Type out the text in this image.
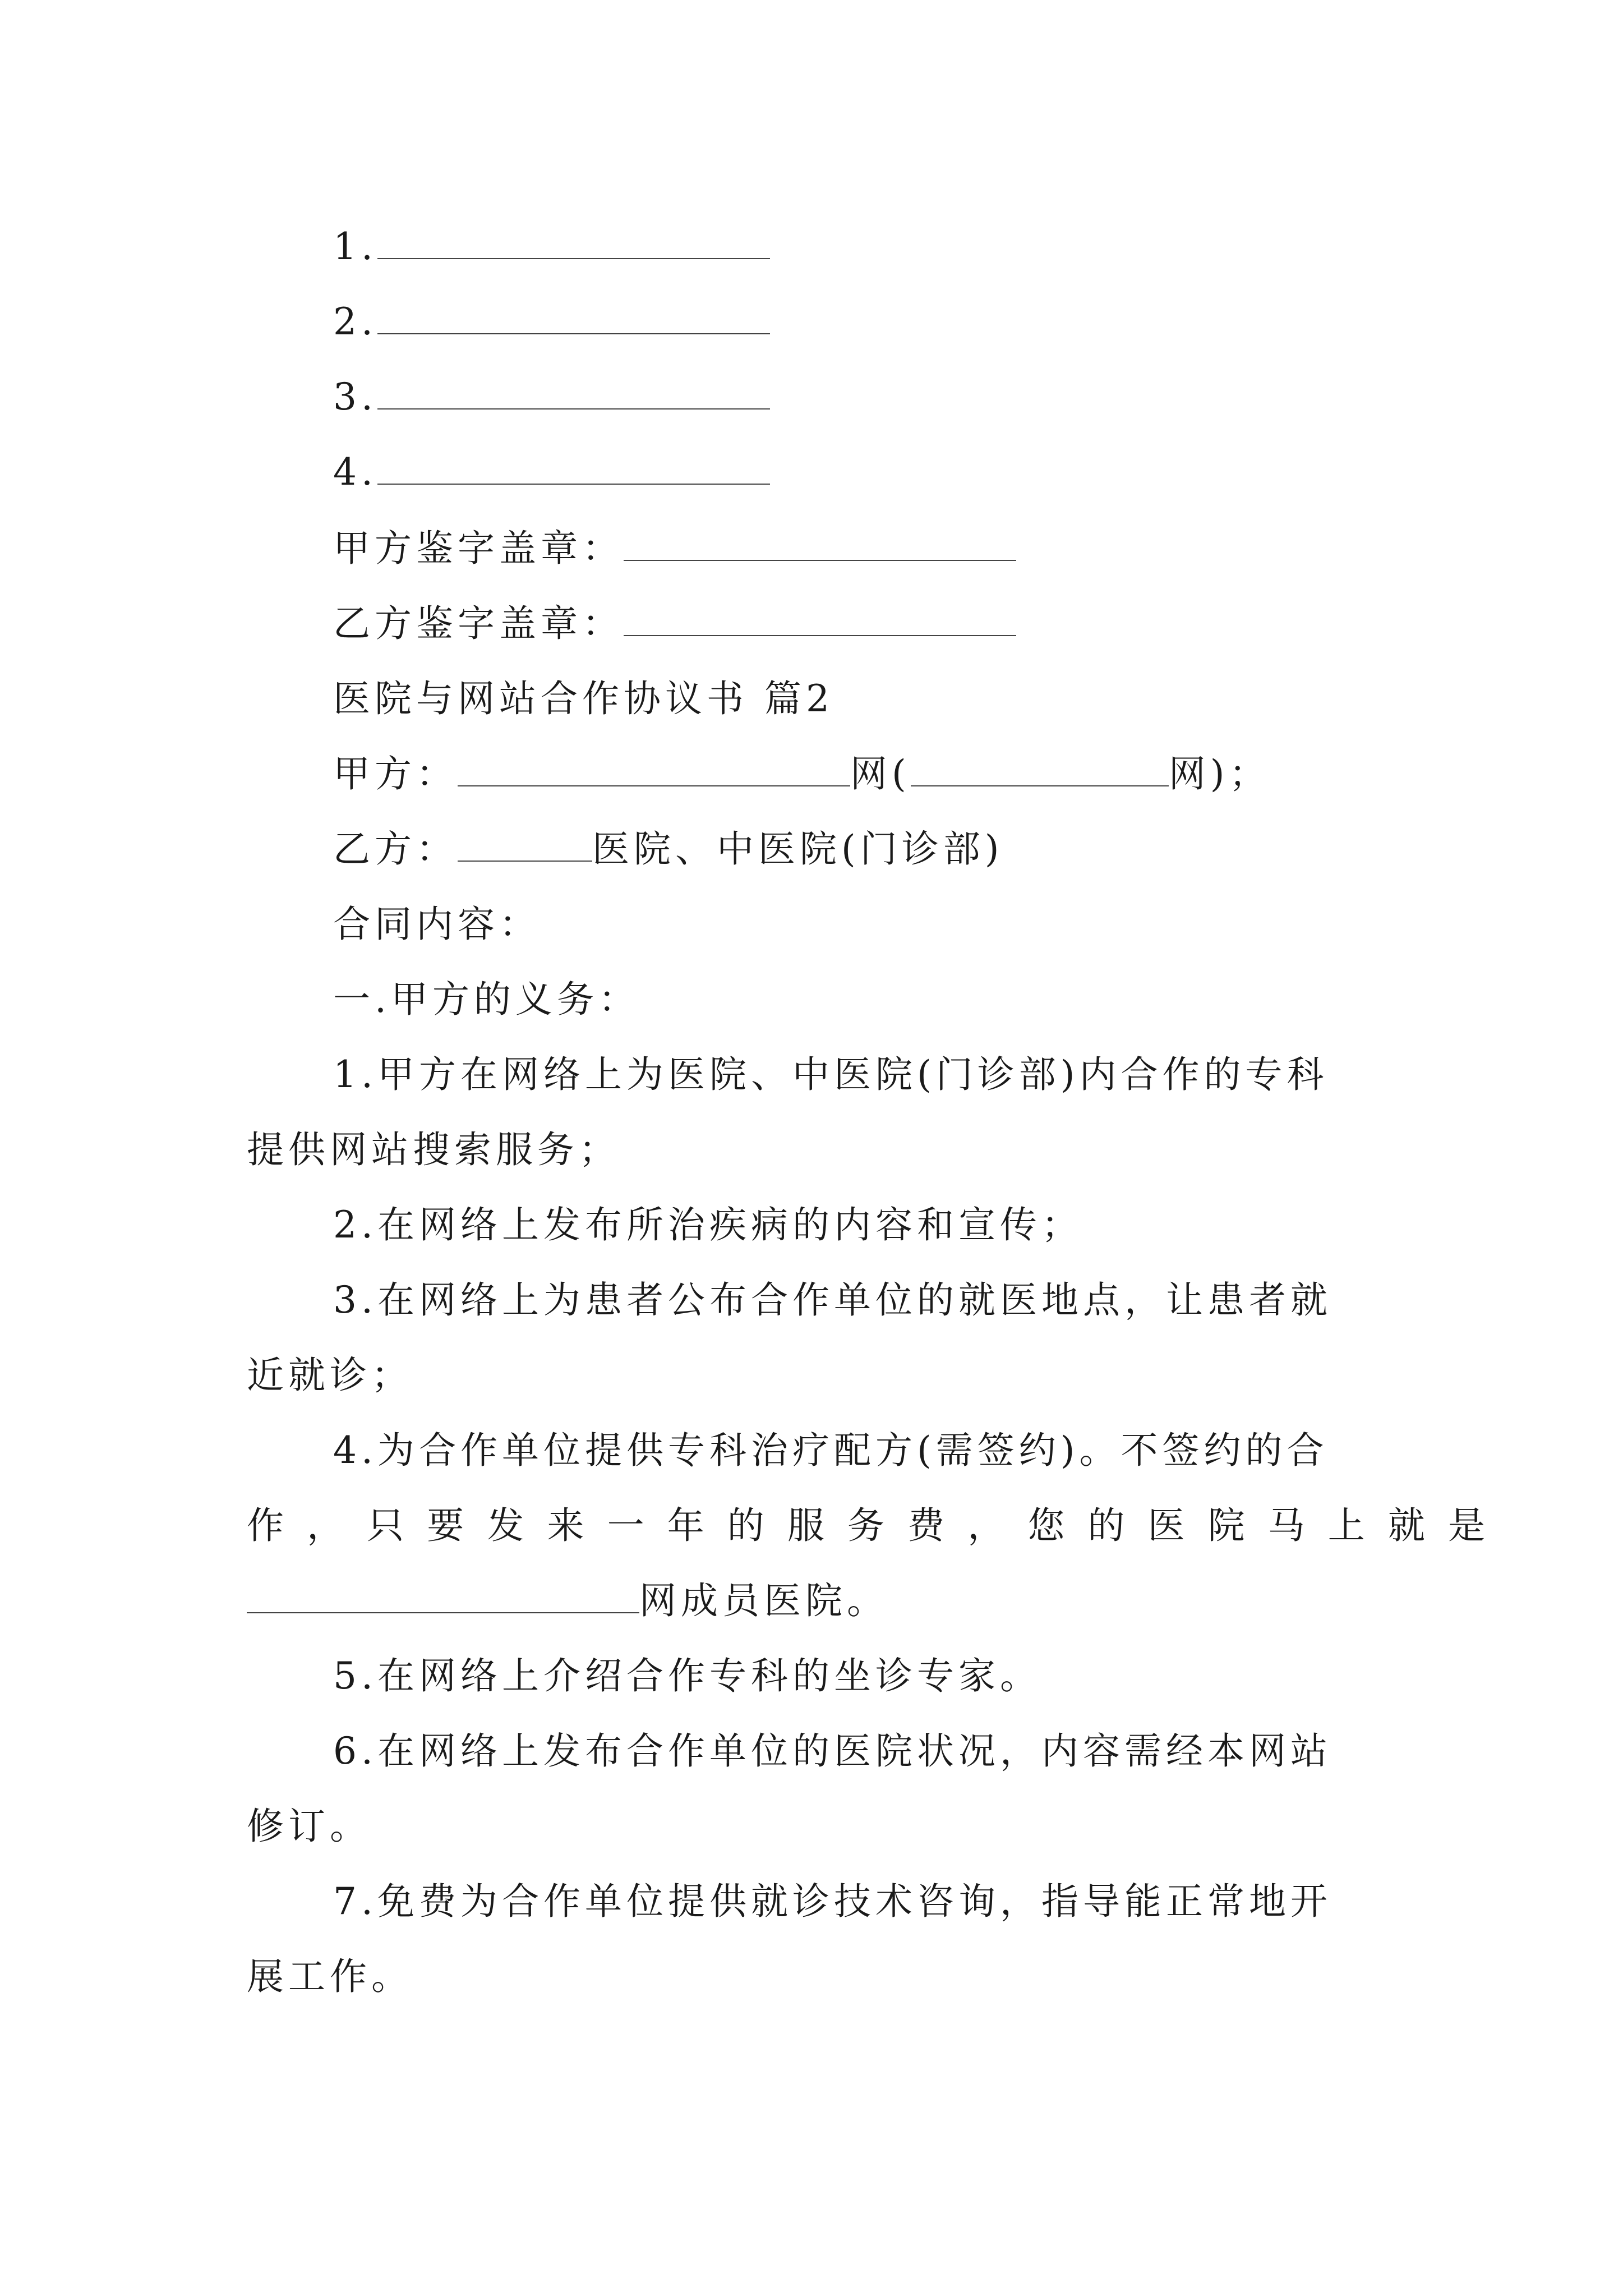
1.
2.
3.
4.
甲方鉴字盖章：
乙方鉴字盖章：
医院与网站合作协议书 篇2
甲方：	网(	网)；
乙方：	医院、中医院(门诊部)
合同内容：
一.甲方的义务：
1.甲方在网络上为医院、中医院(门诊部)内合作的专科
提供网站搜索服务；
2.在网络上发布所治疾病的内容和宣传；
3.在网络上为患者公布合作单位的就医地点，让患者就
近就诊；
4.为合作单位提供专科治疗配方(需签约)。不签约的合
作，只要发来一年的服务费，您的医院马上就是
网成员医院。
5.在网络上介绍合作专科的坐诊专家。
6.在网络上发布合作单位的医院状况，内容需经本网站
修订。
7.免费为合作单位提供就诊技术咨询，指导能正常地开
展工作。
